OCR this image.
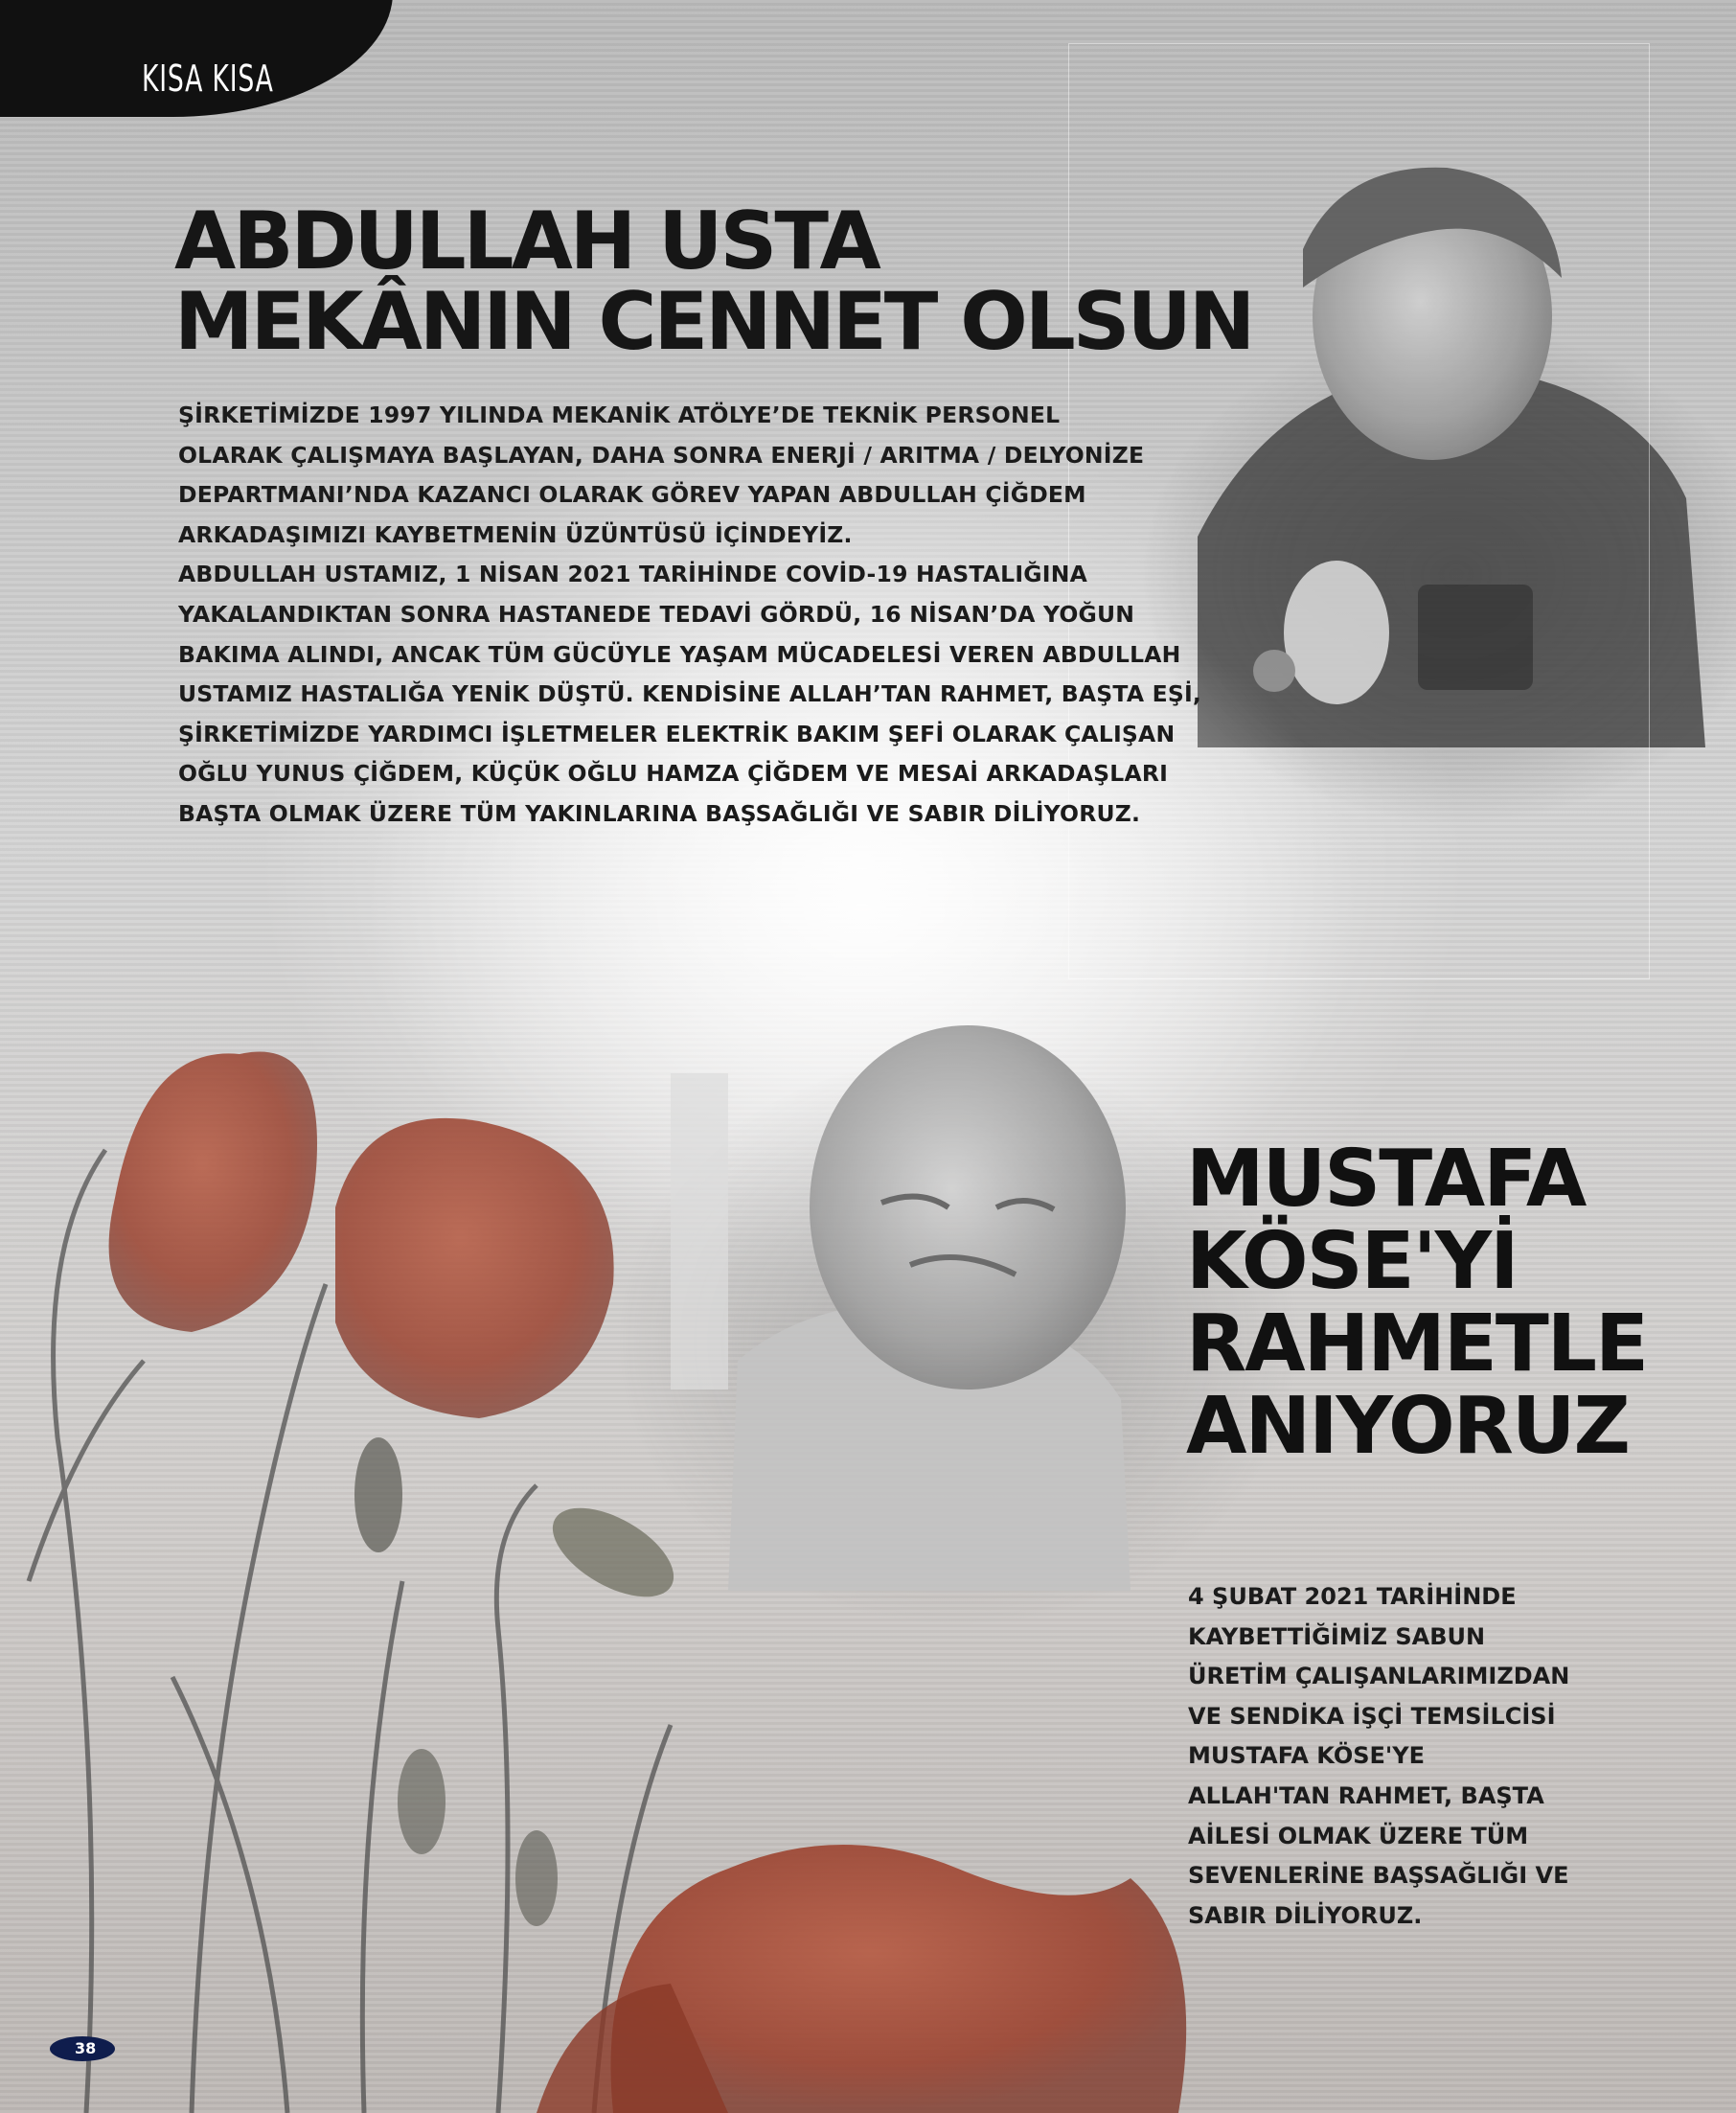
KISA KISA
ABDULLAH USTA
MEKÂNIN CENNET OLSUN

ŞİRKETİMİZDE 1997 YILINDA MEKANİK ATÖLYE’DE TEKNİK PERSONEL
OLARAK ÇALIŞMAYA BAŞLAYAN, DAHA SONRA ENERJİ / ARITMA / DELYONİZE
DEPARTMANI’NDA KAZANCI OLARAK GÖREV YAPAN ABDULLAH ÇİĞDEM
ARKADAŞIMIZI KAYBETMENİN ÜZÜNTÜSÜ İÇİNDEYİZ.
ABDULLAH USTAMIZ, 1 NİSAN 2021 TARİHİNDE COVİD-19 HASTALIĞINA
YAKALANDIKTAN SONRA HASTANEDE TEDAVİ GÖRDÜ, 16 NİSAN’DA YOĞUN
BAKIMA ALINDI, ANCAK TÜM GÜCÜYLE YAŞAM MÜCADELESİ VEREN ABDULLAH
USTAMIZ HASTALIĞA YENİK DÜŞTÜ. KENDİSİNE ALLAH’TAN RAHMET, BAŞTA EŞİ,
ŞİRKETİMİZDE YARDIMCI İŞLETMELER ELEKTRİK BAKIM ŞEFİ OLARAK ÇALIŞAN
OĞLU YUNUS ÇİĞDEM, KÜÇÜK OĞLU HAMZA ÇİĞDEM VE MESAİ ARKADAŞLARI
BAŞTA OLMAK ÜZERE TÜM YAKINLARINA BAŞSAĞLIĞI VE SABIR DİLİYORUZ.

MUSTAFA
KÖSE'Yİ
RAHMETLE
ANIYORUZ

4 ŞUBAT 2021 TARİHİNDE
KAYBETTİĞİMİZ SABUN
ÜRETİM ÇALIŞANLARIMIZDAN
VE SENDİKA İŞÇİ TEMSİLCİSİ
MUSTAFA KÖSE'YE
ALLAH'TAN RAHMET, BAŞTA
AİLESİ OLMAK ÜZERE TÜM
SEVENLERİNE BAŞSAĞLIĞI VE
SABIR DİLİYORUZ.

38
